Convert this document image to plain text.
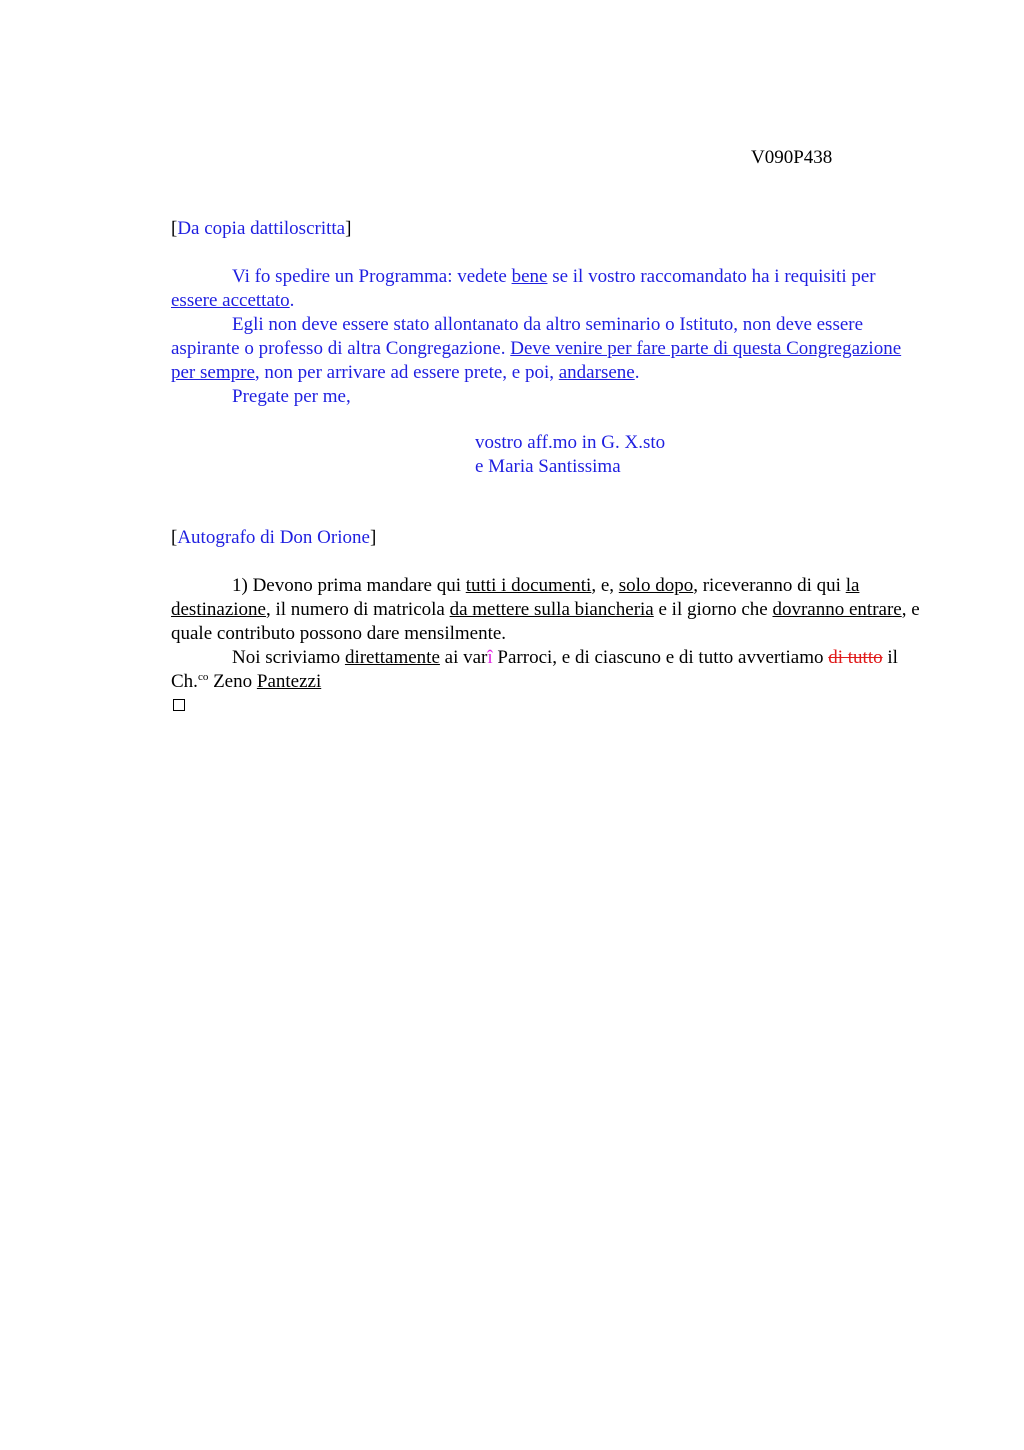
V090P438
[Da copia dattiloscritta]

Vi fo spedire un Programma: vedete bene se il vostro raccomandato ha i requisiti per essere accettato.

Egli non deve essere stato allontanato da altro seminario o Istituto, non deve essere aspirante o professo di altra Congregazione. Deve venire per fare parte di questa Congregazione per sempre, non per arrivare ad essere prete, e poi, andarsene.

Pregate per me,

vostro aff.mo in G. X.sto

e Maria Santissima

[Autografo di Don Orione]

1) Devono prima mandare qui tutti i documenti, e, solo dopo, riceveranno di qui la destinazione, il numero di matricola da mettere sulla biancheria e il giorno che dovranno entrare, e quale contributo possono dare mensilmente.

Noi scriviamo direttamente ai varî Parroci, e di ciascuno e di tutto avvertiamo di tutto il Ch.$^{co}$ Zeno Pantezzi
